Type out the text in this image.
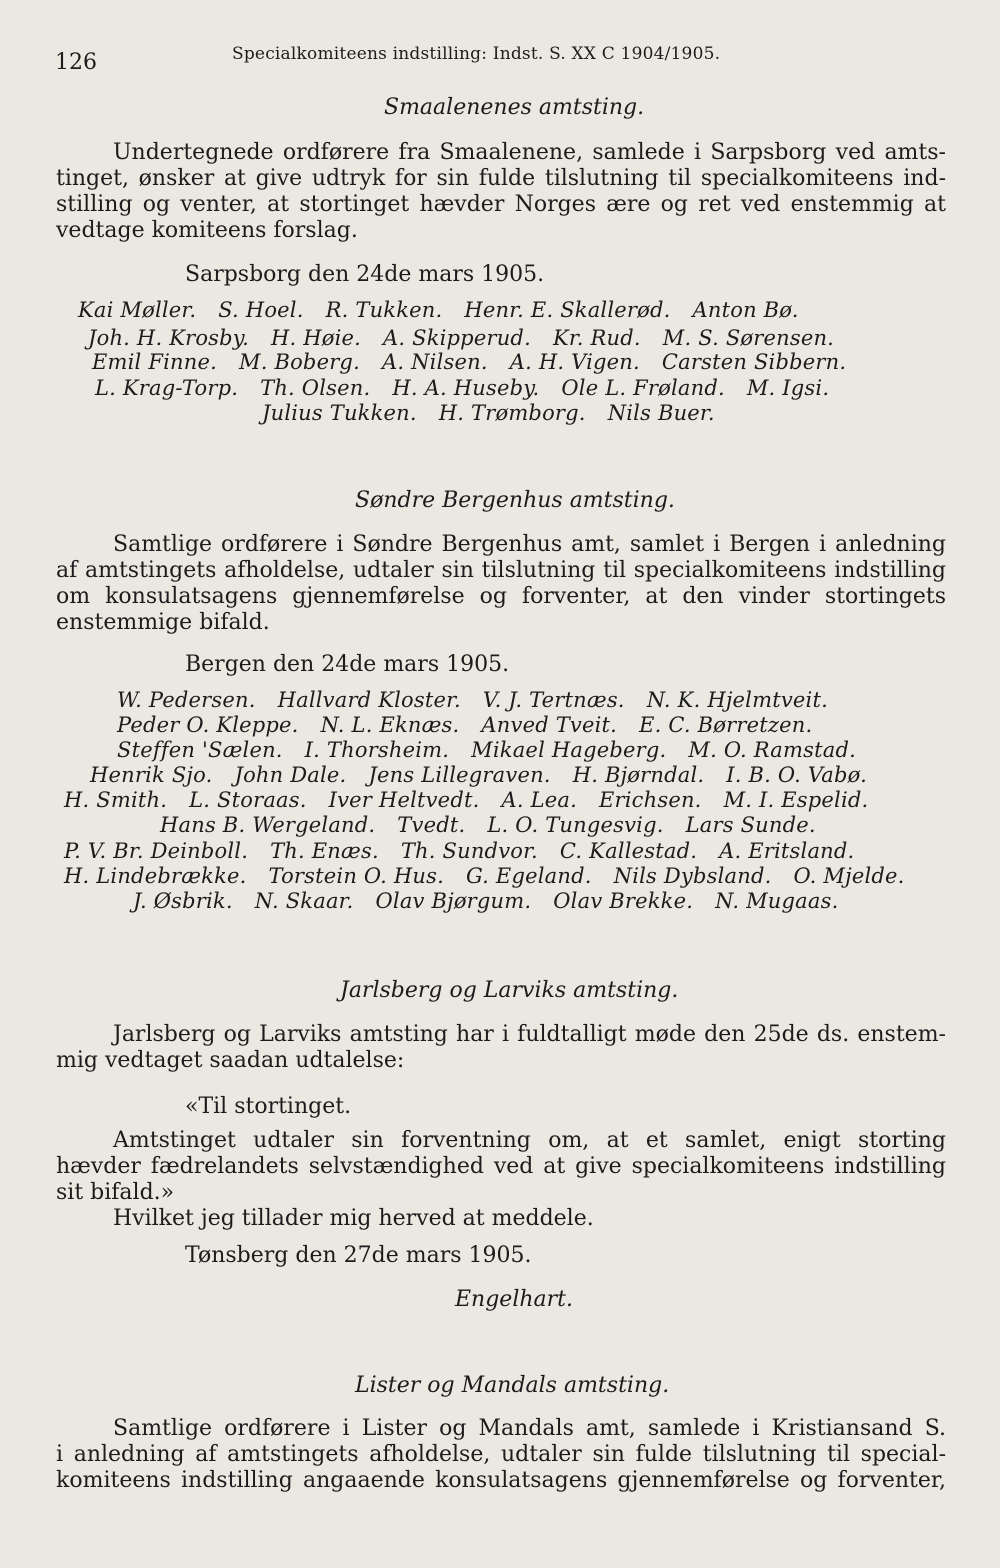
126	Specialkomiteens indstilling: Indst. S. XX C 1904/1905.
Smaalenenes amtsting.
Undertegnede ordførere fra Smaalenene, samlede i Sarpsborg ved amts-
tinget, ønsker at give udtryk for sin fulde tilslutning til specialkomiteens ind-
stilling og venter, at stortinget hævder Norges ære og ret ved enstemmig at
vedtage komiteens forslag.
Sarpsborg den 24de mars 1905.
Kai Møller. S. Hoel. R. Tukken. Henr. E. Skallerød. Anton Bø.
Joh. H. Krosby. H. Høie. A. Skipperud. Kr. Rud. M. S. Sørensen.
Emil Finne. M. Boberg. A. Nilsen. A. H. Vigen. Carsten Sibbern.
L. Krag-Torp. Th. Olsen. H. A. Huseby. Ole L. Frøland. M. Igsi.
Julius Tukken. H. Trømborg. Nils Buer.
Søndre Bergenhus amtsting.
Samtlige ordførere i Søndre Bergenhus amt, samlet i Bergen i anledning
af amtstingets afholdelse, udtaler sin tilslutning til specialkomiteens indstilling
om konsulatsagens gjennemførelse og forventer, at den vinder stortingets
enstemmige bifald.
Bergen den 24de mars 1905.
W. Pedersen. Hallvard Kloster. V. J. Tertnæs. N. K. Hjelmtveit.
Peder O. Kleppe. N. L. Eknæs. Anved Tveit. E. C. Børretzen.
Steffen 'Sælen. I. Thorsheim. Mikael Hageberg. M. O. Ramstad.
Henrik Sjo. John Dale. Jens Lillegraven. H. Bjørndal. I. B. O. Vabø.
H. Smith. L. Storaas. Iver Heltvedt. A. Lea. Erichsen. M. I. Espelid.
Hans B. Wergeland. Tvedt. L. O. Tungesvig. Lars Sunde.
P. V. Br. Deinboll. Th. Enæs. Th. Sundvor. C. Kallestad. A. Eritsland.
H. Lindebrække. Torstein O. Hus. G. Egeland. Nils Dybsland. O. Mjelde.
J. Øsbrik. N. Skaar. Olav Bjørgum. Olav Brekke. N. Mugaas.
Jarlsberg og Larviks amtsting.
Jarlsberg og Larviks amtsting har i fuldtalligt møde den 25de ds. enstem-
mig vedtaget saadan udtalelse:
«Til stortinget.
Amtstinget udtaler sin forventning om, at et samlet, enigt storting
hævder fædrelandets selvstændighed ved at give specialkomiteens indstilling
sit bifald.»
Hvilket jeg tillader mig herved at meddele.
Tønsberg den 27de mars 1905.
Engelhart.
Lister og Mandals amtsting.
Samtlige ordførere i Lister og Mandals amt, samlede i Kristiansand S.
i anledning af amtstingets afholdelse, udtaler sin fulde tilslutning til special-
komiteens indstilling angaaende konsulatsagens gjennemførelse og forventer,
